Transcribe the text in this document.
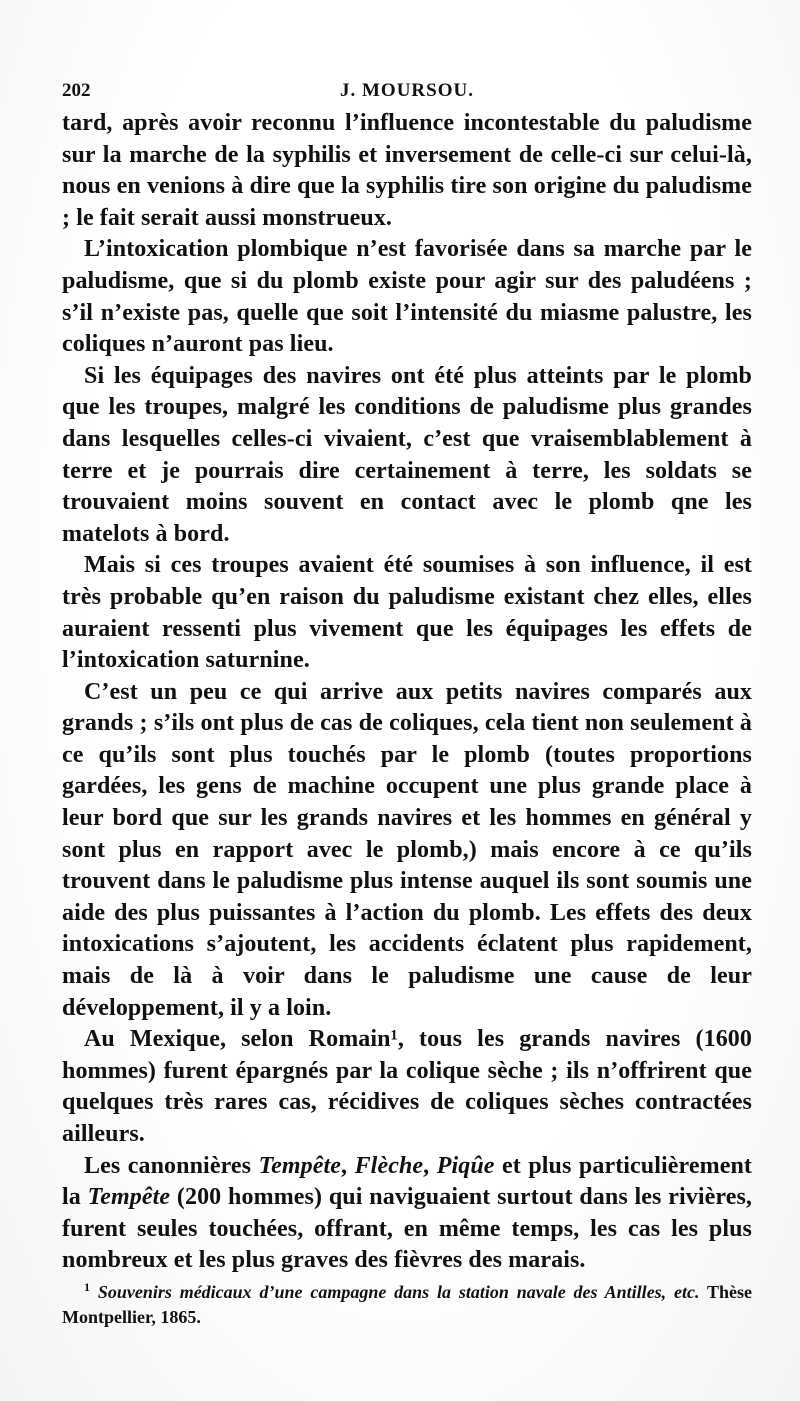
202	J. MOURSOU.

tard, après avoir reconnu l’influence incontestable du paludisme sur la marche de la syphilis et inversement de celle-ci sur celui-là, nous en venions à dire que la syphilis tire son origine du paludisme ; le fait serait aussi monstrueux.

L’intoxication plombique n’est favorisée dans sa marche par le paludisme, que si du plomb existe pour agir sur des paludéens ; s’il n’existe pas, quelle que soit l’intensité du miasme palustre, les coliques n’auront pas lieu.

Si les équipages des navires ont été plus atteints par le plomb que les troupes, malgré les conditions de paludisme plus grandes dans lesquelles celles-ci vivaient, c’est que vraisemblablement à terre et je pourrais dire certainement à terre, les soldats se trouvaient moins souvent en contact avec le plomb qne les matelots à bord.

Mais si ces troupes avaient été soumises à son influence, il est très probable qu’en raison du paludisme existant chez elles, elles auraient ressenti plus vivement que les équipages les effets de l’intoxication saturnine.

C’est un peu ce qui arrive aux petits navires comparés aux grands ; s’ils ont plus de cas de coliques, cela tient non seulement à ce qu’ils sont plus touchés par le plomb (toutes proportions gardées, les gens de machine occupent une plus grande place à leur bord que sur les grands navires et les hommes en général y sont plus en rapport avec le plomb,) mais encore à ce qu’ils trouvent dans le paludisme plus intense auquel ils sont soumis une aide des plus puissantes à l’action du plomb. Les effets des deux intoxications s’ajoutent, les accidents éclatent plus rapidement, mais de là à voir dans le paludisme une cause de leur développement, il y a loin.

Au Mexique, selon Romain¹, tous les grands navires (1600 hommes) furent épargnés par la colique sèche ; ils n’offrirent que quelques très rares cas, récidives de coliques sèches contractées ailleurs.

Les canonnières Tempête, Flèche, Piqûe et plus particulièrement la Tempête (200 hommes) qui naviguaient surtout dans les rivières, furent seules touchées, offrant, en même temps, les cas les plus nombreux et les plus graves des fièvres des marais.

$^1$ Souvenirs médicaux d’une campagne dans la station navale des Antilles, etc. Thèse Montpellier, 1865.
